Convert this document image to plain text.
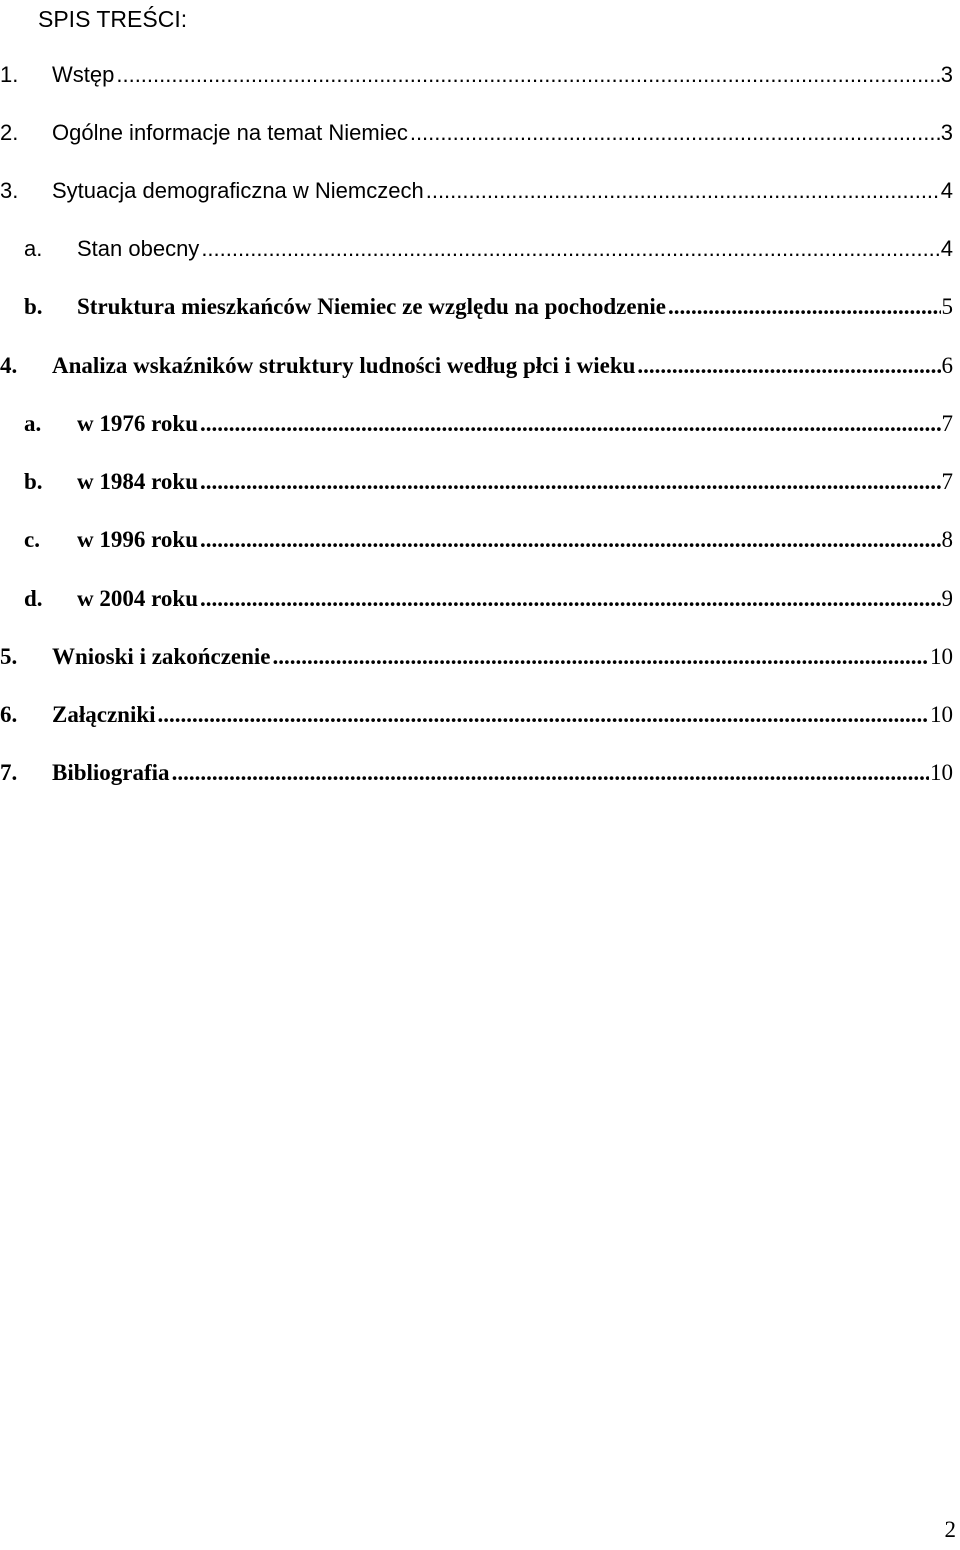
SPIS TREŚCI:
1.	Wstęp .....	3
2.	Ogólne informacje na temat Niemiec .....	3
3.	Sytuacja demograficzna w Niemczech .....	4
a.	Stan obecny .....	4
b.	Struktura mieszkańców Niemiec ze względu na pochodzenie .....	5
4.	Analiza wskaźników struktury ludności według płci i wieku .....	6
a.	w 1976 roku .....	7
b.	w 1984 roku .....	7
c.	w 1996 roku .....	8
d.	w 2004 roku .....	9
5.	Wnioski i zakończenie .....	10
6.	Załączniki .....	10
7.	Bibliografia .....	10
2
